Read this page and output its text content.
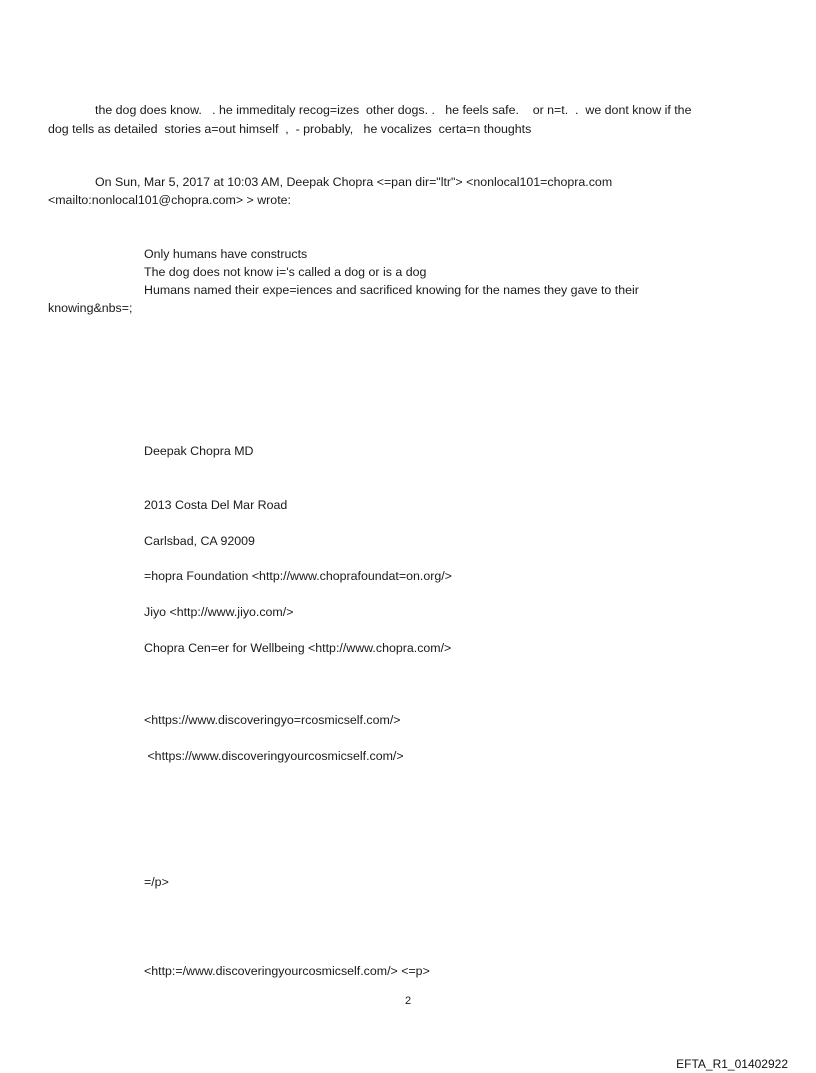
the dog does know.   . he immeditaly recog=izes  other dogs. .   he feels safe.    or n=t.  .  we dont know if the
dog tells as detailed  stories a=out himself  ,  - probably,   he vocalizes  certa=n thoughts
On Sun, Mar 5, 2017 at 10:03 AM, Deepak Chopra <=pan dir="ltr"> <nonlocal101=chopra.com
<mailto:nonlocal101@chopra.com> > wrote:
Only humans have constructs
The dog does not know i='s called a dog or is a dog
Humans named their expe=iences and sacrificed knowing for the names they gave to their
knowing&nbs=;
Deepak Chopra MD
2013 Costa Del Mar Road
Carlsbad, CA 92009
=hopra Foundation <http://www.choprafoundat=on.org/>
Jiyo <http://www.jiyo.com/>
Chopra Cen=er for Wellbeing <http://www.chopra.com/>
<https://www.discoveringyo=rcosmicself.com/>
<https://www.discoveringyourcosmicself.com/>
=/p>
<http:=/www.discoveringyourcosmicself.com/> <=p>
2
EFTA_R1_01402922
